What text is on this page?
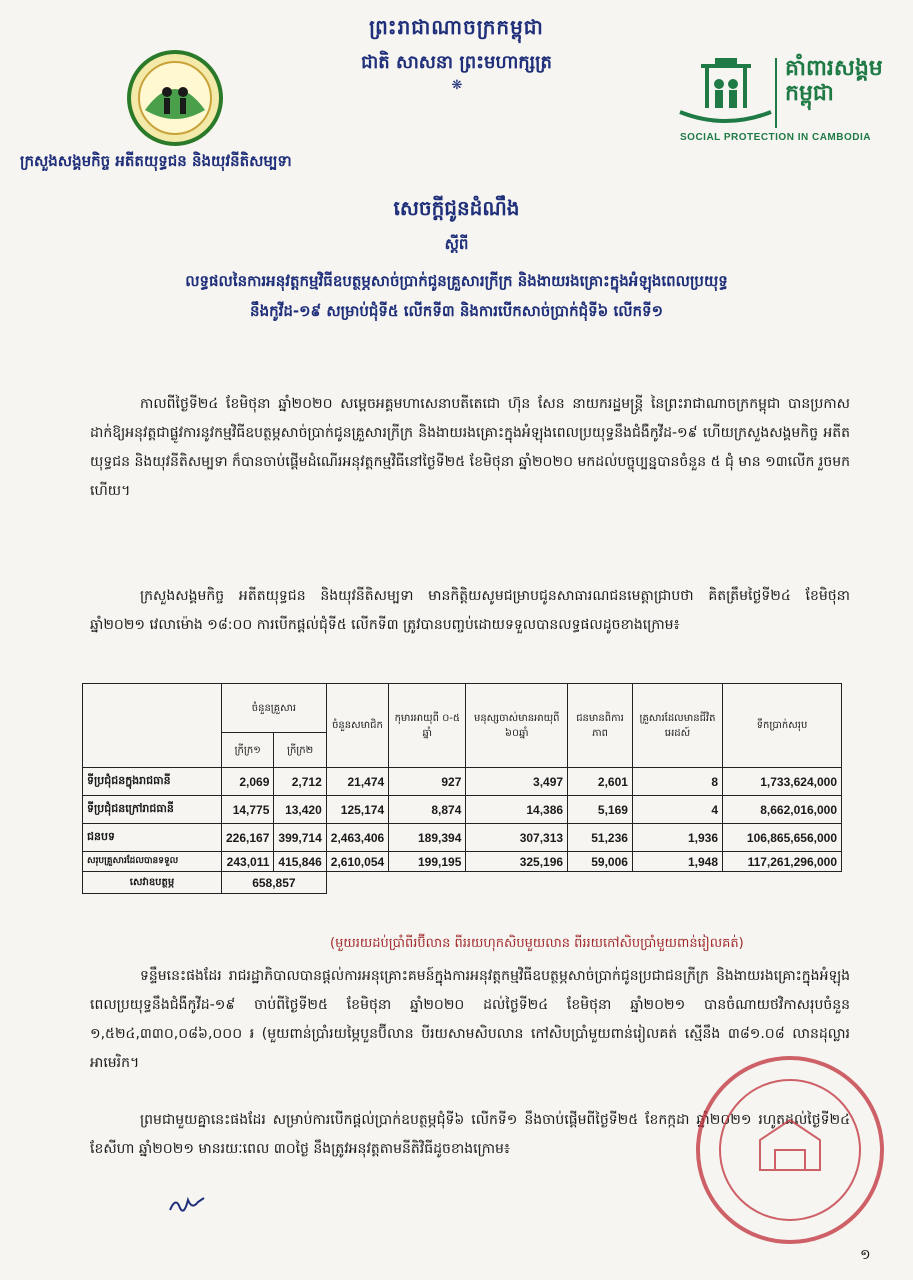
ព្រះរាជាណាចក្រកម្ពុជា
ជាតិ សាសនា ព្រះមហាក្សត្រ
❋
ក្រសួងសង្គមកិច្ច អតីតយុទ្ធជន និងយុវនីតិសម្បទា
គាំពារសង្គមកម្ពុជា
SOCIAL PROTECTION IN CAMBODIA
សេចក្តីជូនដំណឹង
ស្តីពី
លទ្ធផលនៃការអនុវត្តកម្មវិធីឧបត្ថម្ភសាច់ប្រាក់ជូនគ្រួសារក្រីក្រ និងងាយរងគ្រោះក្នុងអំឡុងពេលប្រយុទ្ធ
នឹងកូវីដ-១៩ សម្រាប់ជុំទី៥ លើកទី៣ និងការបើកសាច់ប្រាក់ជុំទី៦ លើកទី១
កាលពីថ្ងៃទី២៤ ខែមិថុនា ឆ្នាំ២០២០ សម្តេចអគ្គមហាសេនាបតីតេជោ ហ៊ុន សែន នាយករដ្ឋមន្ត្រី នៃព្រះរាជាណាចក្រកម្ពុជា បានប្រកាសដាក់ឱ្យអនុវត្តជាផ្លូវការនូវកម្មវិធីឧបត្ថម្ភសាច់ប្រាក់ជូនគ្រួសារក្រីក្រ និងងាយរងគ្រោះក្នុងអំឡុងពេលប្រយុទ្ធនឹងជំងឺកូវីដ-១៩ ហើយក្រសួងសង្គមកិច្ច អតីតយុទ្ធជន និងយុវនីតិសម្បទា ក៏បានចាប់ផ្តើមដំណើរអនុវត្តកម្មវិធីនៅថ្ងៃទី២៥ ខែមិថុនា ឆ្នាំ២០២០ មកដល់បច្ចុប្បន្នបានចំនួន ៥ ជុំ មាន ១៣លើក រួចមកហើយ។
ក្រសួងសង្គមកិច្ច អតីតយុទ្ធជន និងយុវនីតិសម្បទា មានកិត្តិយសូមជម្រាបជូនសាធារណជនមេត្តាជ្រាបថា គិតត្រឹមថ្ងៃទី២៤ ខែមិថុនា ឆ្នាំ២០២១ វេលាម៉ោង ១៨:០០ ការបើកផ្តល់ជុំទី៥ លើកទី៣ ត្រូវបានបញ្ចប់ដោយទទួលបានលទ្ធផលដូចខាងក្រោម៖
	ចំនួនគ្រួសារ		ចំនួនសមាជិក	កុមារអាយុពី ០-៥ ឆ្នាំ	មនុស្សចាស់មានអាយុពី ៦០ឆ្នាំ	ជនមានពិការភាព	គ្រួសារដែលមានជីវិតអេដស៍	ទឹកប្រាក់សរុប
	ក្រីក្រ១	ក្រីក្រ២						
ទីប្រជុំជនក្នុងរាជធានី	2,069	2,712	21,474	927	3,497	2,601	8	1,733,624,000
ទីប្រជុំជនក្រៅរាជធានី	14,775	13,420	125,174	8,874	14,386	5,169	4	8,662,016,000
ជនបទ	226,167	399,714	2,463,406	189,394	307,313	51,236	1,936	106,865,656,000
សរុបគ្រួសារដែលបានទទួល	243,011	415,846	2,610,054	199,195	325,196	59,006	1,948	117,261,296,000
សេវាឧបត្ថម្ភ	658,857							
(មួយរយដប់ប្រាំពីរប៊ីលាន ពីររយហុកសិបមួយលាន ពីររយកៅសិបប្រាំមួយពាន់រៀលគត់)
ទន្ទឹមនេះផងដែរ រាជរដ្ឋាភិបាលបានផ្តល់ការអនុគ្រោះគមន៍ក្នុងការអនុវត្តកម្មវិធីឧបត្ថម្ភសាច់ប្រាក់ជូនប្រជាជនក្រីក្រ និងងាយរងគ្រោះក្នុងអំឡុងពេលប្រយុទ្ធនឹងជំងឺកូវីដ-១៩ ចាប់ពីថ្ងៃទី២៥ ខែមិថុនា ឆ្នាំ២០២០ ដល់ថ្ងៃទី២៤ ខែមិថុនា ឆ្នាំ២០២១ បានចំណាយថវិកាសរុបចំនួន ១,៥២៤,៣៣០,០៨៦,០០០ ៛ (មួយពាន់ប្រាំរយម្ភៃបួនប៊ីលាន បីរយសាមសិបលាន កៅសិបប្រាំមួយពាន់រៀលគត់ ស្មើនឹង ៣៨១.០៨ លានដុល្លារអាមេរិក។
ព្រមជាមួយគ្នានេះផងដែរ សម្រាប់ការបើកផ្តល់ប្រាក់ឧបត្ថម្ភជុំទី៦ លើកទី១ នឹងចាប់ផ្តើមពីថ្ងៃទី២៥ ខែកក្កដា ឆ្នាំ២០២១ រហូតដល់ថ្ងៃទី២៤ ខែសីហា ឆ្នាំ២០២១ មានរយៈពេល ៣០ថ្ងៃ នឹងត្រូវអនុវត្តតាមនីតិវិធីដូចខាងក្រោម៖
១
